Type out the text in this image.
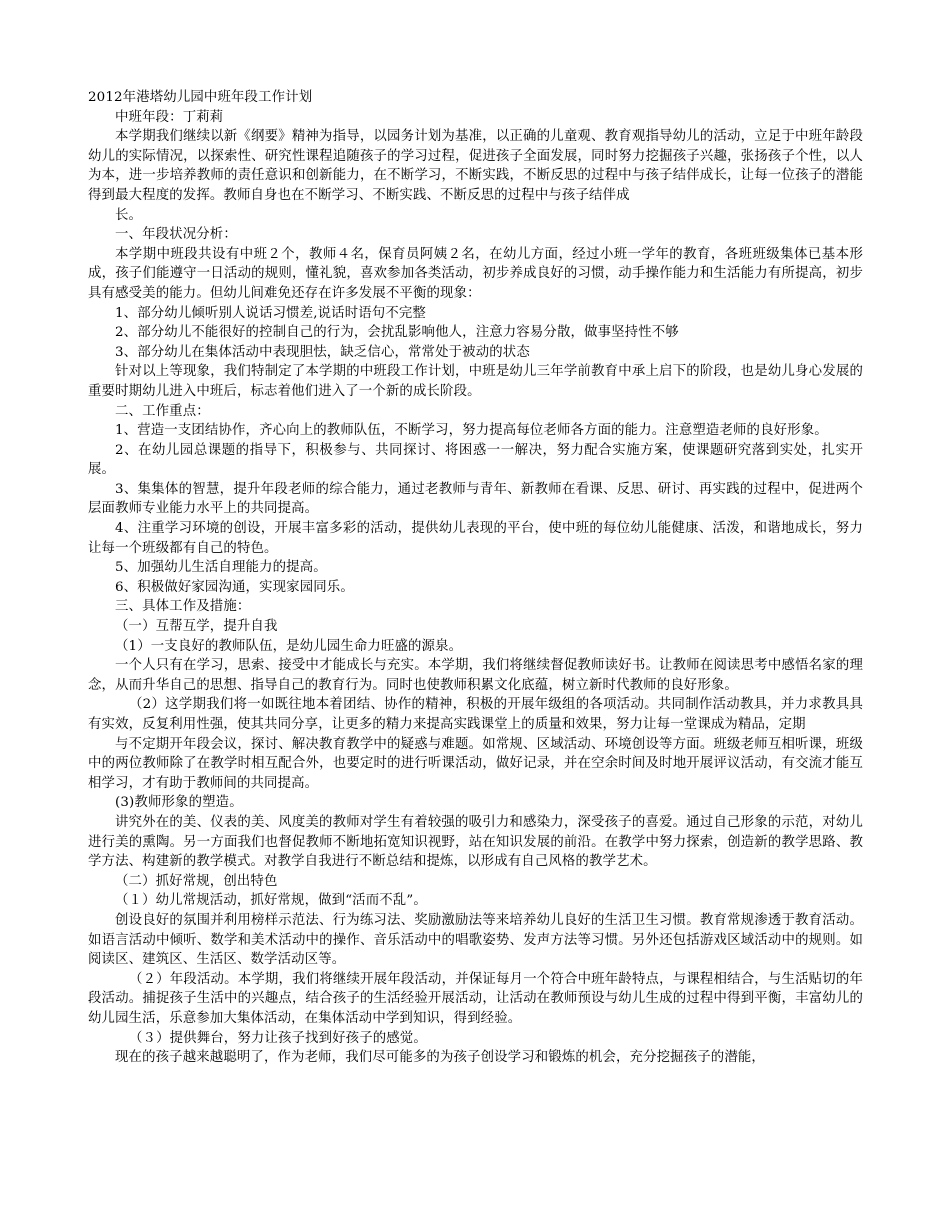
2012年港塔幼儿园中班年段工作计划

中班年段：丁莉莉

本学期我们继续以新《纲要》精神为指导，以园务计划为基准，以正确的儿童观、教育观指导幼儿的活动，立足于中班年龄段幼儿的实际情况，以探索性、研究性课程追随孩子的学习过程，促进孩子全面发展，同时努力挖掘孩子兴趣，张扬孩子个性，以人为本，进一步培养教师的责任意识和创新能力，在不断学习，不断实践，不断反思的过程中与孩子结伴成长，让每一位孩子的潜能得到最大程度的发挥。教师自身也在不断学习、不断实践、不断反思的过程中与孩子结伴成

长。

一、年段状况分析：

本学期中班段共设有中班２个，教师４名，保育员阿姨２名，在幼儿方面，经过小班一学年的教育，各班班级集体已基本形成，孩子们能遵守一日活动的规则，懂礼貌，喜欢参加各类活动，初步养成良好的习惯，动手操作能力和生活能力有所提高，初步具有感受美的能力。但幼儿间难免还存在许多发展不平衡的现象：

1、部分幼儿倾听别人说话习惯差,说话时语句不完整

2、部分幼儿不能很好的控制自己的行为，会扰乱影响他人，注意力容易分散，做事坚持性不够

3、部分幼儿在集体活动中表现胆怯，缺乏信心，常常处于被动的状态

针对以上等现象，我们特制定了本学期的中班段工作计划，中班是幼儿三年学前教育中承上启下的阶段，也是幼儿身心发展的重要时期幼儿进入中班后，标志着他们进入了一个新的成长阶段。

二、工作重点：

1、营造一支团结协作，齐心向上的教师队伍，不断学习，努力提高每位老师各方面的能力。注意塑造老师的良好形象。

2、在幼儿园总课题的指导下，积极参与、共同探讨、将困惑一一解决，努力配合实施方案，使课题研究落到实处，扎实开展。

3、集集体的智慧，提升年段老师的综合能力，通过老教师与青年、新教师在看课、反思、研讨、再实践的过程中，促进两个层面教师专业能力水平上的共同提高。

4、注重学习环境的创设，开展丰富多彩的活动，提供幼儿表现的平台，使中班的每位幼儿能健康、活泼，和谐地成长，努力让每一个班级都有自己的特色。

5、加强幼儿生活自理能力的提高。

6、积极做好家园沟通，实现家园同乐。

三、具体工作及措施：

（一）互帮互学，提升自我

（1）一支良好的教师队伍，是幼儿园生命力旺盛的源泉。

一个人只有在学习，思索、接受中才能成长与充实。本学期，我们将继续督促教师读好书。让教师在阅读思考中感悟名家的理念，从而升华自己的思想、指导自己的教育行为。同时也使教师积累文化底蕴，树立新时代教师的良好形象。

（2）这学期我们将一如既往地本着团结、协作的精神，积极的开展年级组的各项活动。共同制作活动教具，并力求教具具有实效，反复利用性强，使其共同分享，让更多的精力来提高实践课堂上的质量和效果，努力让每一堂课成为精品，定期

与不定期开年段会议，探讨、解决教育教学中的疑惑与难题。如常规、区域活动、环境创设等方面。班级老师互相听课，班级中的两位教师除了在教学时相互配合外，也要定时的进行听课活动，做好记录，并在空余时间及时地开展评议活动，有交流才能互相学习，才有助于教师间的共同提高。

(3)教师形象的塑造。

讲究外在的美、仪表的美、风度美的教师对学生有着较强的吸引力和感染力，深受孩子的喜爱。通过自己形象的示范，对幼儿进行美的熏陶。另一方面我们也督促教师不断地拓宽知识视野，站在知识发展的前沿。在教学中努力探索，创造新的教学思路、教学方法、构建新的教学模式。对教学自我进行不断总结和提炼，以形成有自己风格的教学艺术。

（二）抓好常规，创出特色

（１）幼儿常规活动，抓好常规，做到“活而不乱”。

创设良好的氛围并利用榜样示范法、行为练习法、奖励激励法等来培养幼儿良好的生活卫生习惯。教育常规渗透于教育活动。如语言活动中倾听、数学和美术活动中的操作、音乐活动中的唱歌姿势、发声方法等习惯。另外还包括游戏区域活动中的规则。如阅读区、建筑区、生活区、数学活动区等。

（２）年段活动。本学期，我们将继续开展年段活动，并保证每月一个符合中班年龄特点，与课程相结合，与生活贴切的年段活动。捕捉孩子生活中的兴趣点，结合孩子的生活经验开展活动，让活动在教师预设与幼儿生成的过程中得到平衡，丰富幼儿的幼儿园生活，乐意参加大集体活动，在集体活动中学到知识，得到经验。

（３）提供舞台，努力让孩子找到好孩子的感觉。

现在的孩子越来越聪明了，作为老师，我们尽可能多的为孩子创设学习和锻炼的机会，充分挖掘孩子的潜能，
